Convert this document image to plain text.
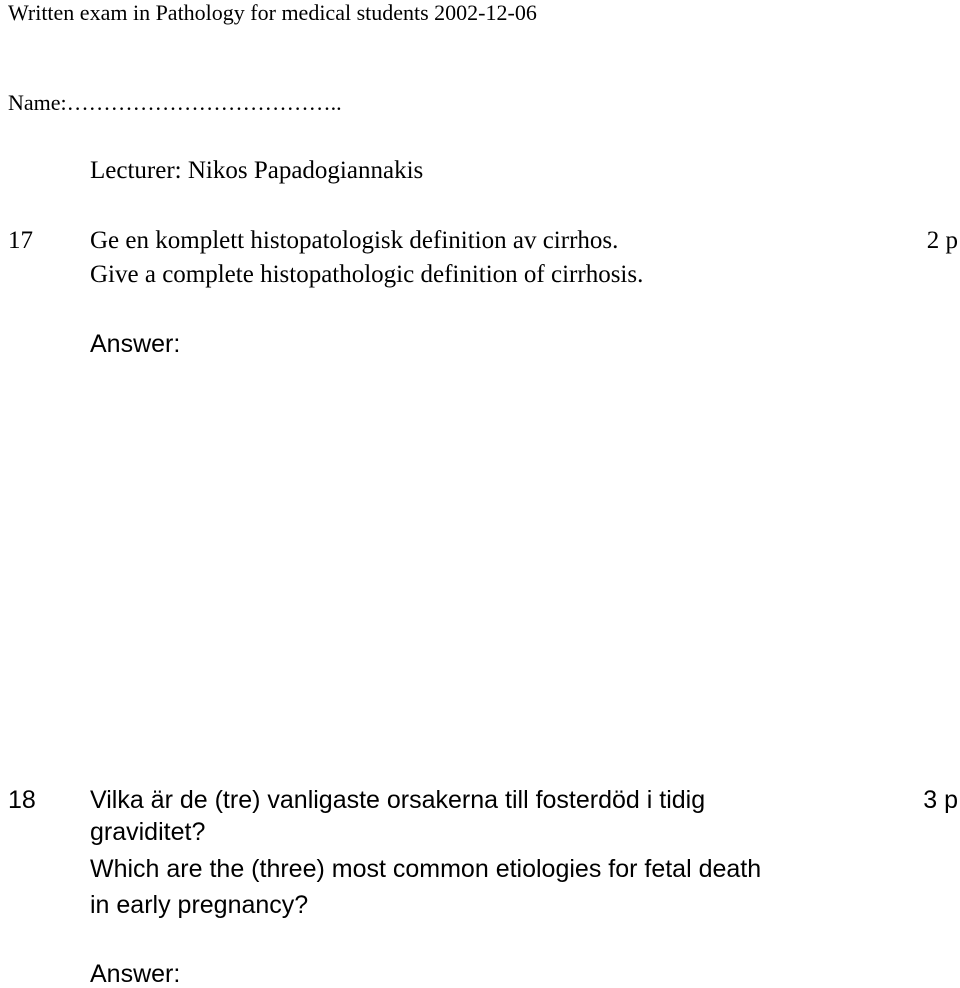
Written exam in Pathology for medical students 2002-12-06
Name:………………………………..
Lecturer: Nikos Papadogiannakis
17 Ge en komplett histopatologisk definition av cirrhos.	2 p
Give a complete histopathologic definition of cirrhosis.
Answer:
18 Vilka är de (tre) vanligaste orsakerna till fosterdöd i tidig	3 p
graviditet?
Which are the (three) most common etiologies for fetal death
in early pregnancy?
Answer:
